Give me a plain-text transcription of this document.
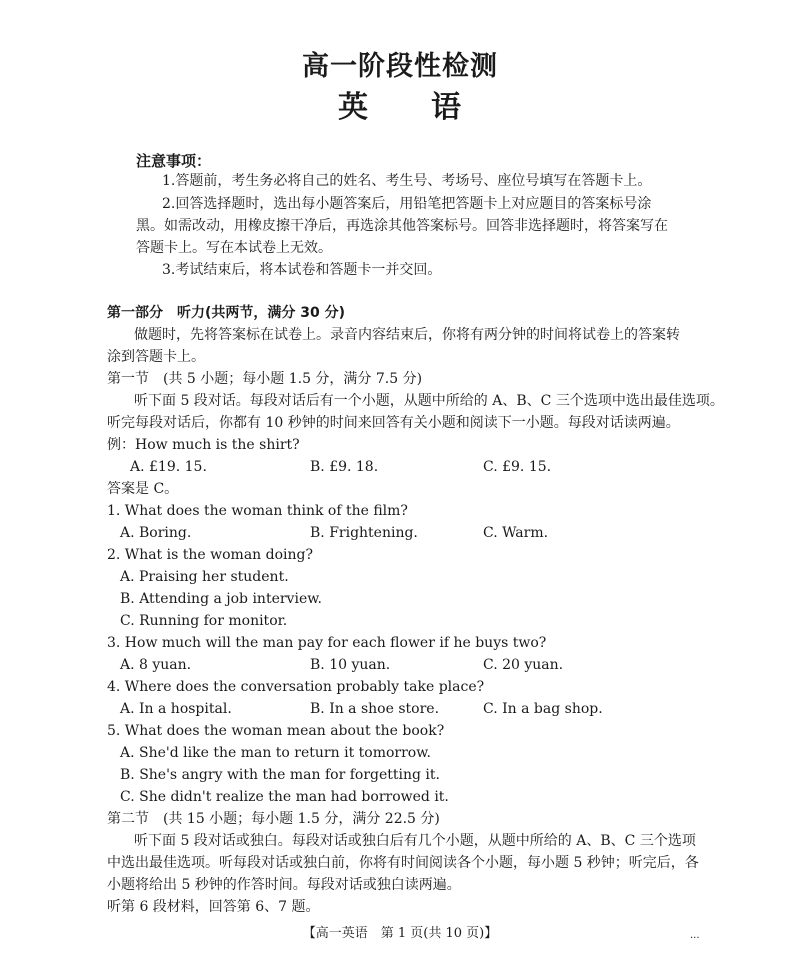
高一阶段性检测
英 语
注意事项：
1.答题前，考生务必将自己的姓名、考生号、考场号、座位号填写在答题卡上。
2.回答选择题时，选出每小题答案后，用铅笔把答题卡上对应题目的答案标号涂
黑。如需改动，用橡皮擦干净后，再选涂其他答案标号。回答非选择题时，将答案写在
答题卡上。写在本试卷上无效。
3.考试结束后，将本试卷和答题卡一并交回。
第一部分　听力(共两节，满分 30 分)
做题时，先将答案标在试卷上。录音内容结束后，你将有两分钟的时间将试卷上的答案转
涂到答题卡上。
第一节　(共 5 小题；每小题 1.5 分，满分 7.5 分)
听下面 5 段对话。每段对话后有一个小题，从题中所给的 A、B、C 三个选项中选出最佳选项。
听完每段对话后，你都有 10 秒钟的时间来回答有关小题和阅读下一小题。每段对话读两遍。
例：How much is the shirt?
A. £19. 15.	B. £9. 18.	C. £9. 15.
答案是 C。
1. What does the woman think of the film?
A. Boring.	B. Frightening.	C. Warm.
2. What is the woman doing?
A. Praising her student.
B. Attending a job interview.
C. Running for monitor.
3. How much will the man pay for each flower if he buys two?
A. 8 yuan.	B. 10 yuan.	C. 20 yuan.
4. Where does the conversation probably take place?
A. In a hospital.	B. In a shoe store.	C. In a bag shop.
5. What does the woman mean about the book?
A. She'd like the man to return it tomorrow.
B. She's angry with the man for forgetting it.
C. She didn't realize the man had borrowed it.
第二节　(共 15 小题；每小题 1.5 分，满分 22.5 分)
听下面 5 段对话或独白。每段对话或独白后有几个小题，从题中所给的 A、B、C 三个选项
中选出最佳选项。听每段对话或独白前，你将有时间阅读各个小题，每小题 5 秒钟；听完后，各
小题将给出 5 秒钟的作答时间。每段对话或独白读两遍。
听第 6 段材料，回答第 6、7 题。
【高一英语　第 1 页(共 10 页)】	...
